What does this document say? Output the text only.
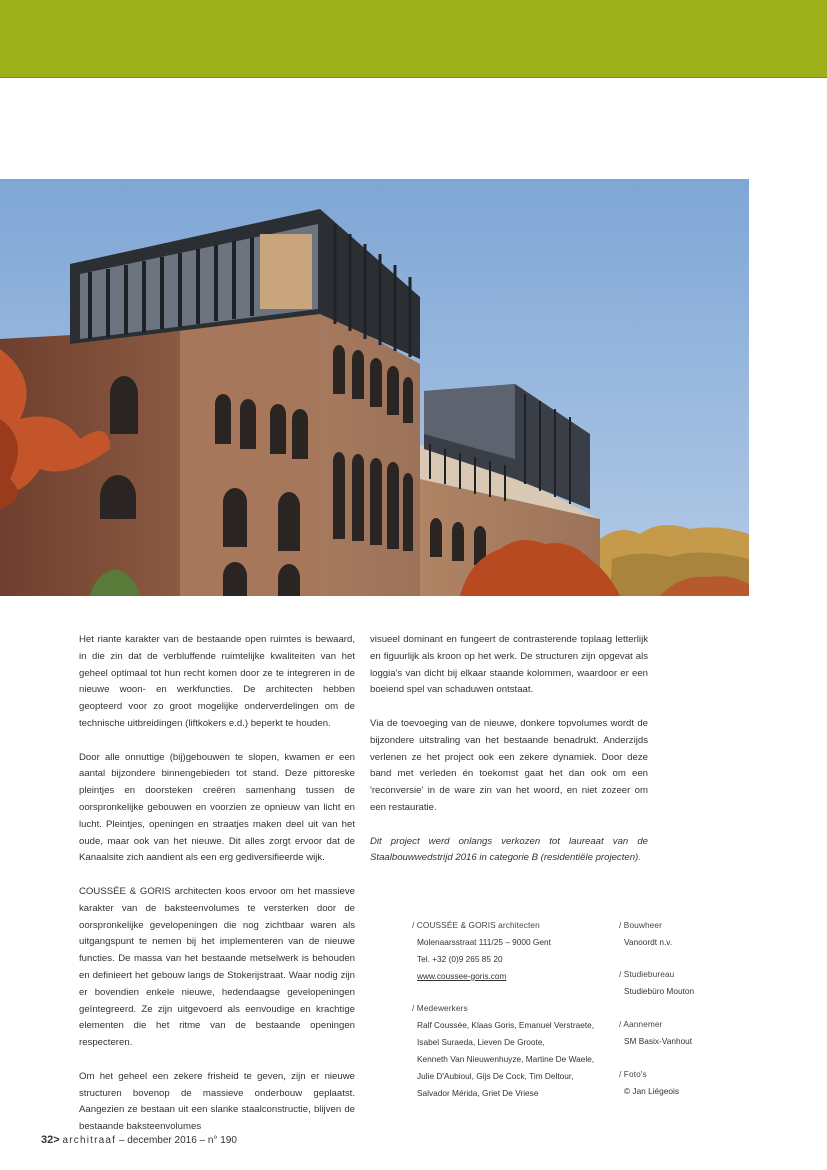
Het riante karakter van de bestaande open ruimtes is bewaard, in die zin dat de verbluffende ruimtelijke kwaliteiten van het geheel optimaal tot hun recht komen door ze te integreren in de nieuwe woon- en werkfuncties. De architecten hebben geopteerd voor zo groot mogelijke onderverdelingen om de technische uitbreidingen (liftkokers e.d.) beperkt te houden.

Door alle onnuttige (bij)gebouwen te slopen, kwamen er een aantal bijzondere binnengebieden tot stand. Deze pittoreske pleintjes en doorsteken creëren samenhang tussen de oorspronkelijke gebouwen en voorzien ze opnieuw van licht en lucht. Pleintjes, openingen en straatjes maken deel uit van het oude, maar ook van het nieuwe. Dit alles zorgt ervoor dat de Kanaalsite zich aandient als een erg gediversifieerde wijk.

COUSSÉE & GORIS architecten koos ervoor om het massieve karakter van de baksteenvolumes te versterken door de oorspronkelijke gevelopeningen die nog zichtbaar waren als uitgangspunt te nemen bij het implementeren van de nieuwe functies. De massa van het bestaande metselwerk is behouden en definieert het gebouw langs de Stokerijstraat. Waar nodig zijn er bovendien enkele nieuwe, hedendaagse gevelopeningen geïntegreerd. Ze zijn uitgevoerd als eenvoudige en krachtige elementen die het ritme van de bestaande openingen respecteren.

Om het geheel een zekere frisheid te geven, zijn er nieuwe structuren bovenop de massieve onderbouw geplaatst. Aangezien ze bestaan uit een slanke staalconstructie, blijven de bestaande baksteenvolumes

visueel dominant en fungeert de contrasterende toplaag letterlijk en figuurlijk als kroon op het werk. De structuren zijn opgevat als loggia's van dicht bij elkaar staande kolommen, waardoor er een boeiend spel van schaduwen ontstaat.

Via de toevoeging van de nieuwe, donkere topvolumes wordt de bijzondere uitstraling van het bestaande benadrukt. Anderzijds verlenen ze het project ook een zekere dynamiek. Door deze band met verleden én toekomst gaat het dan ook om een 'reconversie' in de ware zin van het woord, en niet zozeer om een restauratie.

Dit project werd onlangs verkozen tot laureaat van de Staalbouwwedstrijd 2016 in categorie B (residentiële projecten).

/ COUSSÉE & GORIS architecten
Molenaarsstraat 111/25 – 9000 Gent
Tel. +32 (0)9 265 85 20
www.coussee-goris.com
/ Medewerkers
Ralf Coussée, Klaas Goris, Emanuel Verstraete,
Isabel Suraeda, Lieven De Groote,
Kenneth Van Nieuwenhuyze, Martine De Waele,
Julie D'Aubioul, Gijs De Cock, Tim Deltour,
Salvador Mérida, Griet De Vriese
/ Bouwheer
Vanoordt n.v.
/ Studiebureau
Studiebüro Mouton
/ Aannemer
SM Basix-Vanhout
/ Foto's
© Jan Liégeois
32> architraaf – december 2016 – n° 190
